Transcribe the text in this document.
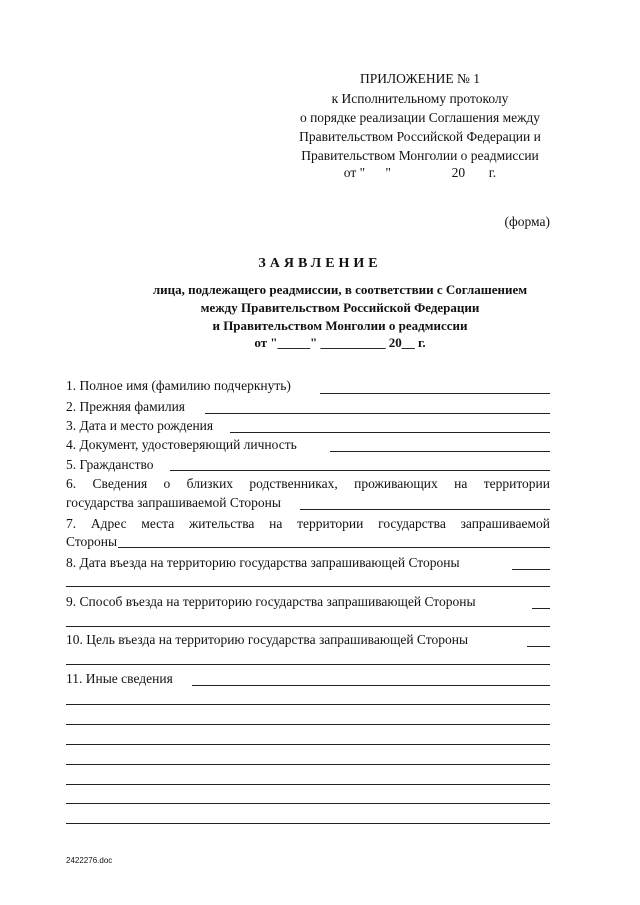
ПРИЛОЖЕНИЕ № 1
к Исполнительному протоколу
о порядке реализации Соглашения между
Правительством Российской Федерации и
Правительством Монголии о реадмиссии
от "      "                  20       г.
(форма)
ЗАЯВЛЕНИЕ
лица, подлежащего реадмиссии, в соответствии с Соглашением
между Правительством Российской Федерации
и Правительством Монголии о реадмиссии
от "_____" __________ 20__ г.
1. Полное имя (фамилию подчеркнуть)
2. Прежняя фамилия
3. Дата и место рождения
4. Документ, удостоверяющий личность
5. Гражданство
6. Сведения о близких родственниках, проживающих на территории
государства запрашиваемой Стороны
7. Адрес места жительства на территории государства запрашиваемой
Стороны
8. Дата въезда на территорию государства запрашивающей Стороны
9. Способ въезда на территорию государства запрашивающей Стороны
10. Цель въезда на территорию государства запрашивающей Стороны
11. Иные сведения
2422276.doc
